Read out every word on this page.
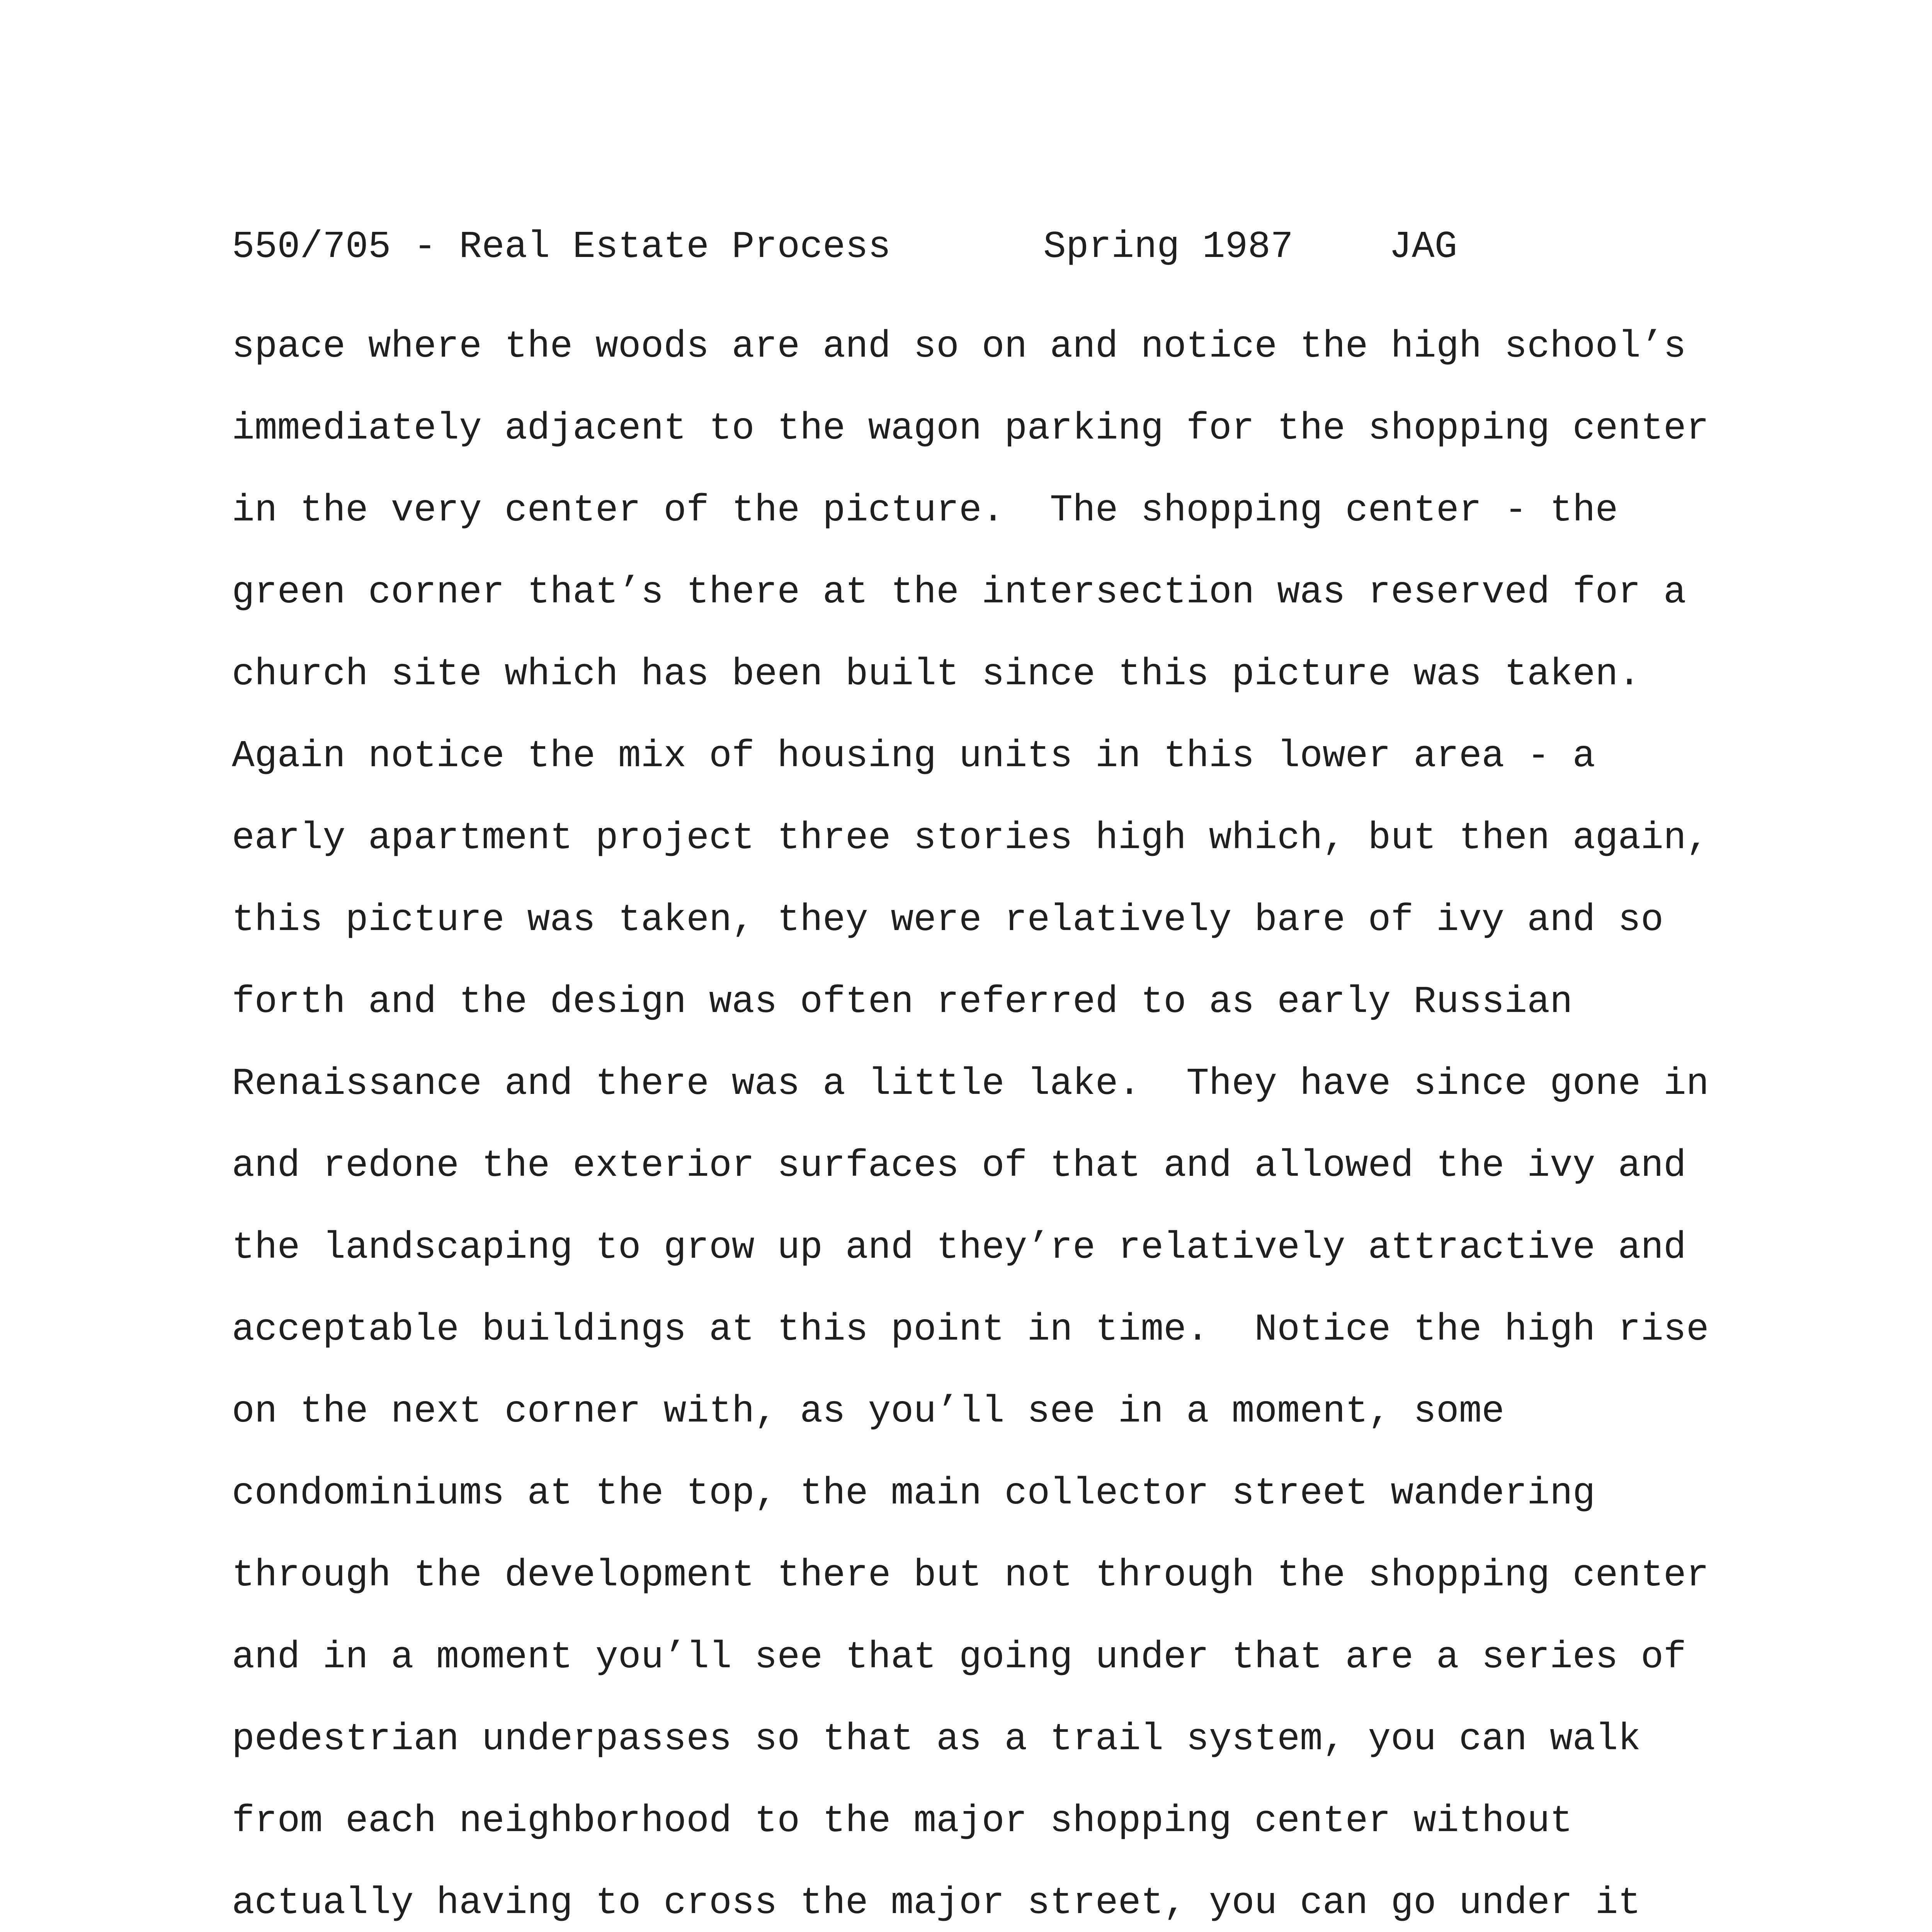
550/705 - Real Estate Process

	Spring 1987

	JAG

space where the woods are and so on and notice the high school’s
immediately adjacent to the wagon parking for the shopping center
in the very center of the picture.  The shopping center - the
green corner that’s there at the intersection was reserved for a
church site which has been built since this picture was taken.
Again notice the mix of housing units in this lower area - a
early apartment project three stories high which, but then again,
this picture was taken, they were relatively bare of ivy and so
forth and the design was often referred to as early Russian
Renaissance and there was a little lake.  They have since gone in
and redone the exterior surfaces of that and allowed the ivy and
the landscaping to grow up and they’re relatively attractive and
acceptable buildings at this point in time.  Notice the high rise
on the next corner with, as you’ll see in a moment, some
condominiums at the top, the main collector street wandering
through the development there but not through the shopping center
and in a moment you’ll see that going under that are a series of
pedestrian underpasses so that as a trail system, you can walk
from each neighborhood to the major shopping center without
actually having to cross the major street, you can go under it
